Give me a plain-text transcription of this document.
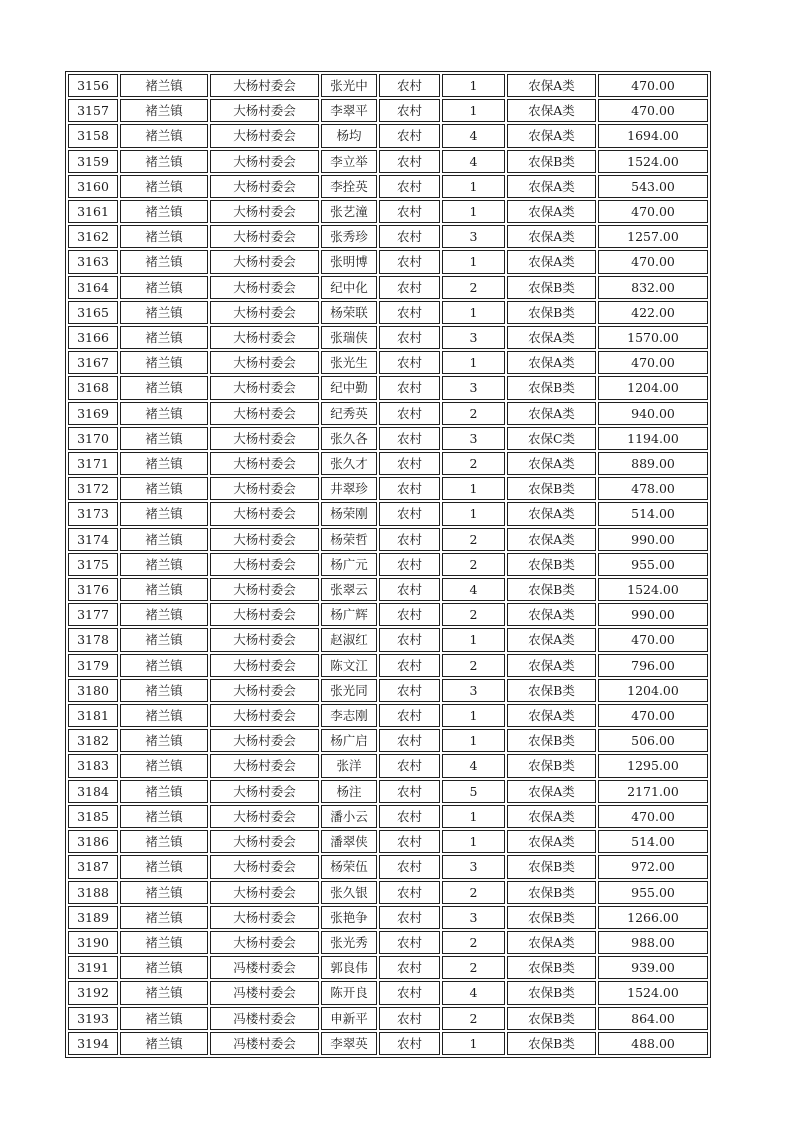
3156	褚兰镇	大杨村委会	张光中	农村	1	农保A类	470.00
3157	褚兰镇	大杨村委会	李翠平	农村	1	农保A类	470.00
3158	褚兰镇	大杨村委会	杨均	农村	4	农保A类	1694.00
3159	褚兰镇	大杨村委会	李立举	农村	4	农保B类	1524.00
3160	褚兰镇	大杨村委会	李拴英	农村	1	农保A类	543.00
3161	褚兰镇	大杨村委会	张艺潼	农村	1	农保A类	470.00
3162	褚兰镇	大杨村委会	张秀珍	农村	3	农保A类	1257.00
3163	褚兰镇	大杨村委会	张明博	农村	1	农保A类	470.00
3164	褚兰镇	大杨村委会	纪中化	农村	2	农保B类	832.00
3165	褚兰镇	大杨村委会	杨荣联	农村	1	农保B类	422.00
3166	褚兰镇	大杨村委会	张瑞侠	农村	3	农保A类	1570.00
3167	褚兰镇	大杨村委会	张光生	农村	1	农保A类	470.00
3168	褚兰镇	大杨村委会	纪中勤	农村	3	农保B类	1204.00
3169	褚兰镇	大杨村委会	纪秀英	农村	2	农保A类	940.00
3170	褚兰镇	大杨村委会	张久各	农村	3	农保C类	1194.00
3171	褚兰镇	大杨村委会	张久才	农村	2	农保A类	889.00
3172	褚兰镇	大杨村委会	井翠珍	农村	1	农保B类	478.00
3173	褚兰镇	大杨村委会	杨荣刚	农村	1	农保A类	514.00
3174	褚兰镇	大杨村委会	杨荣哲	农村	2	农保A类	990.00
3175	褚兰镇	大杨村委会	杨广元	农村	2	农保B类	955.00
3176	褚兰镇	大杨村委会	张翠云	农村	4	农保B类	1524.00
3177	褚兰镇	大杨村委会	杨广辉	农村	2	农保A类	990.00
3178	褚兰镇	大杨村委会	赵淑红	农村	1	农保A类	470.00
3179	褚兰镇	大杨村委会	陈文江	农村	2	农保A类	796.00
3180	褚兰镇	大杨村委会	张光同	农村	3	农保B类	1204.00
3181	褚兰镇	大杨村委会	李志刚	农村	1	农保A类	470.00
3182	褚兰镇	大杨村委会	杨广启	农村	1	农保B类	506.00
3183	褚兰镇	大杨村委会	张洋	农村	4	农保B类	1295.00
3184	褚兰镇	大杨村委会	杨注	农村	5	农保A类	2171.00
3185	褚兰镇	大杨村委会	潘小云	农村	1	农保A类	470.00
3186	褚兰镇	大杨村委会	潘翠侠	农村	1	农保A类	514.00
3187	褚兰镇	大杨村委会	杨荣伍	农村	3	农保B类	972.00
3188	褚兰镇	大杨村委会	张久银	农村	2	农保B类	955.00
3189	褚兰镇	大杨村委会	张艳争	农村	3	农保B类	1266.00
3190	褚兰镇	大杨村委会	张光秀	农村	2	农保A类	988.00
3191	褚兰镇	冯楼村委会	郭良伟	农村	2	农保B类	939.00
3192	褚兰镇	冯楼村委会	陈开良	农村	4	农保B类	1524.00
3193	褚兰镇	冯楼村委会	申新平	农村	2	农保B类	864.00
3194	褚兰镇	冯楼村委会	李翠英	农村	1	农保B类	488.00
